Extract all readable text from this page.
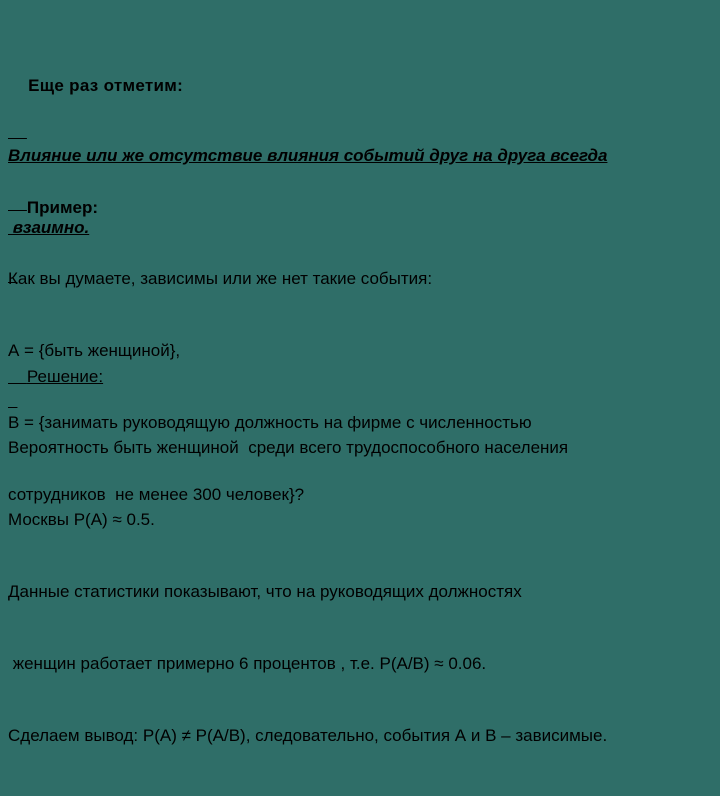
Еще раз отметим:

Влияние или же отсутствие влияния событий друг на друга всегда

взаимно.

Пример:

Как вы думаете, зависимы или же нет такие события:

А = {быть женщиной},

В = {занимать руководящую должность на фирме с численностью

сотрудников  не менее 300 человек}?

Решение:

Вероятность быть женщиной  среди всего трудоспособного населения

Москвы Р(А) ≈ 0.5.

Данные статистики показывают, что на руководящих должностях

женщин работает примерно 6 процентов , т.е. Р(А/В) ≈ 0.06.

Сделаем вывод: Р(А) ≠ Р(А/В), следовательно, события А и В – зависимые.
